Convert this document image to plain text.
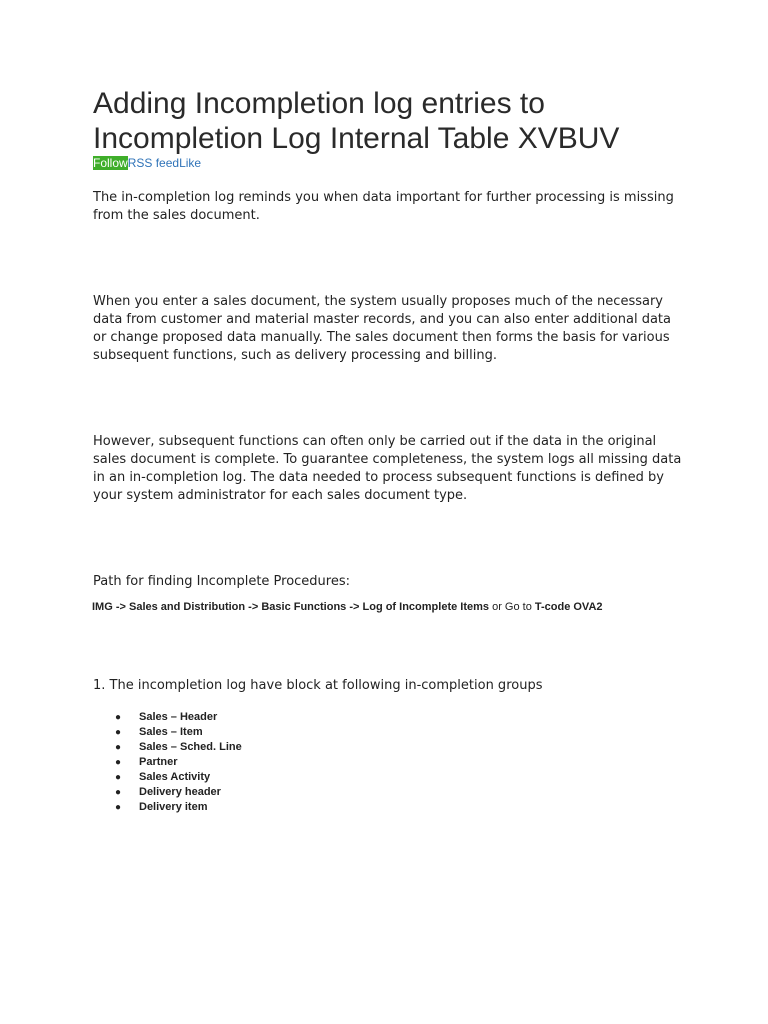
Adding Incompletion log entries to Incompletion Log Internal Table XVBUV
FollowRSS feedLike

The in-completion log reminds you when data important for further processing is missing from the sales document.

When you enter a sales document, the system usually proposes much of the necessary data from customer and material master records, and you can also enter additional data or change proposed data manually. The sales document then forms the basis for various subsequent functions, such as delivery processing and billing.

However, subsequent functions can often only be carried out if the data in the original sales document is complete. To guarantee completeness, the system logs all missing data in an in-completion log. The data needed to process subsequent functions is defined by your system administrator for each sales document type.

Path for finding Incomplete Procedures:

IMG -> Sales and Distribution -> Basic Functions -> Log of Incomplete Items or Go to T-code OVA2

1. The incompletion log have block at following in-completion groups

● Sales – Header
● Sales – Item
● Sales – Sched. Line
● Partner
● Sales Activity
● Delivery header
● Delivery item
